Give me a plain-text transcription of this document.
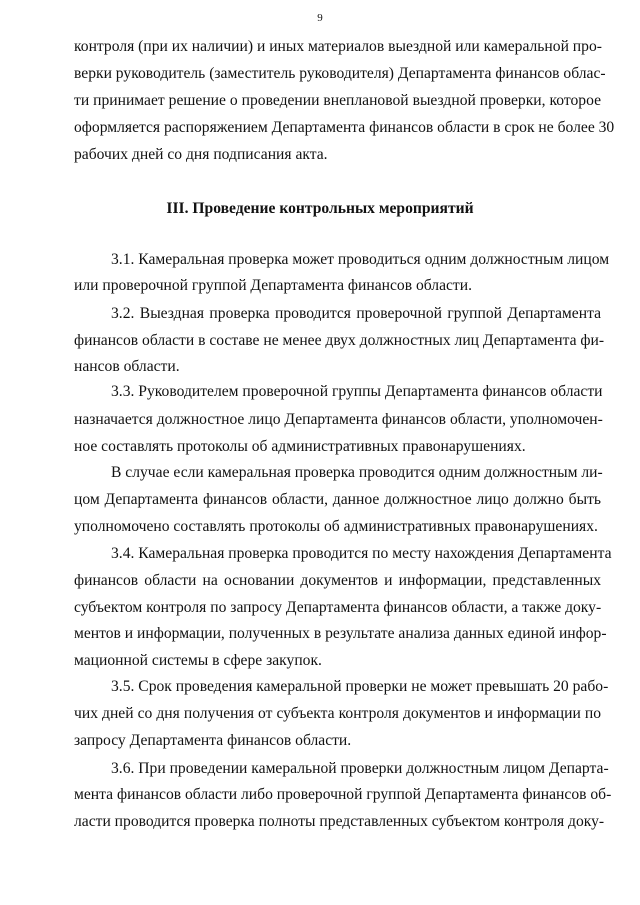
9
контроля (при их наличии) и иных материалов выездной или камеральной про-
верки руководитель (заместитель руководителя) Департамента финансов облас-
ти принимает решение о проведении внеплановой выездной проверки, которое
оформляется распоряжением Департамента финансов области в срок не более 30
рабочих дней со дня подписания акта.
III. Проведение контрольных мероприятий
3.1. Камеральная проверка может проводиться одним должностным лицом
или проверочной группой Департамента финансов области.
3.2. Выездная проверка проводится проверочной группой Департамента
финансов области в составе не менее двух должностных лиц Департамента фи-
нансов области.
3.3. Руководителем проверочной группы Департамента финансов области
назначается должностное лицо Департамента финансов области, уполномочен-
ное составлять протоколы об административных правонарушениях.
В случае если камеральная проверка проводится одним должностным ли-
цом Департамента финансов области, данное должностное лицо должно быть
уполномочено составлять протоколы об административных правонарушениях.
3.4. Камеральная проверка проводится по месту нахождения Департамента
финансов области на основании документов и информации, представленных
субъектом контроля по запросу Департамента финансов области, а также доку-
ментов и информации, полученных в результате анализа данных единой инфор-
мационной системы в сфере закупок.
3.5. Срок проведения камеральной проверки не может превышать 20 рабо-
чих дней со дня получения от субъекта контроля документов и информации по
запросу Департамента финансов области.
3.6. При проведении камеральной проверки должностным лицом Департа-
мента финансов области либо проверочной группой Департамента финансов об-
ласти проводится проверка полноты представленных субъектом контроля доку-
